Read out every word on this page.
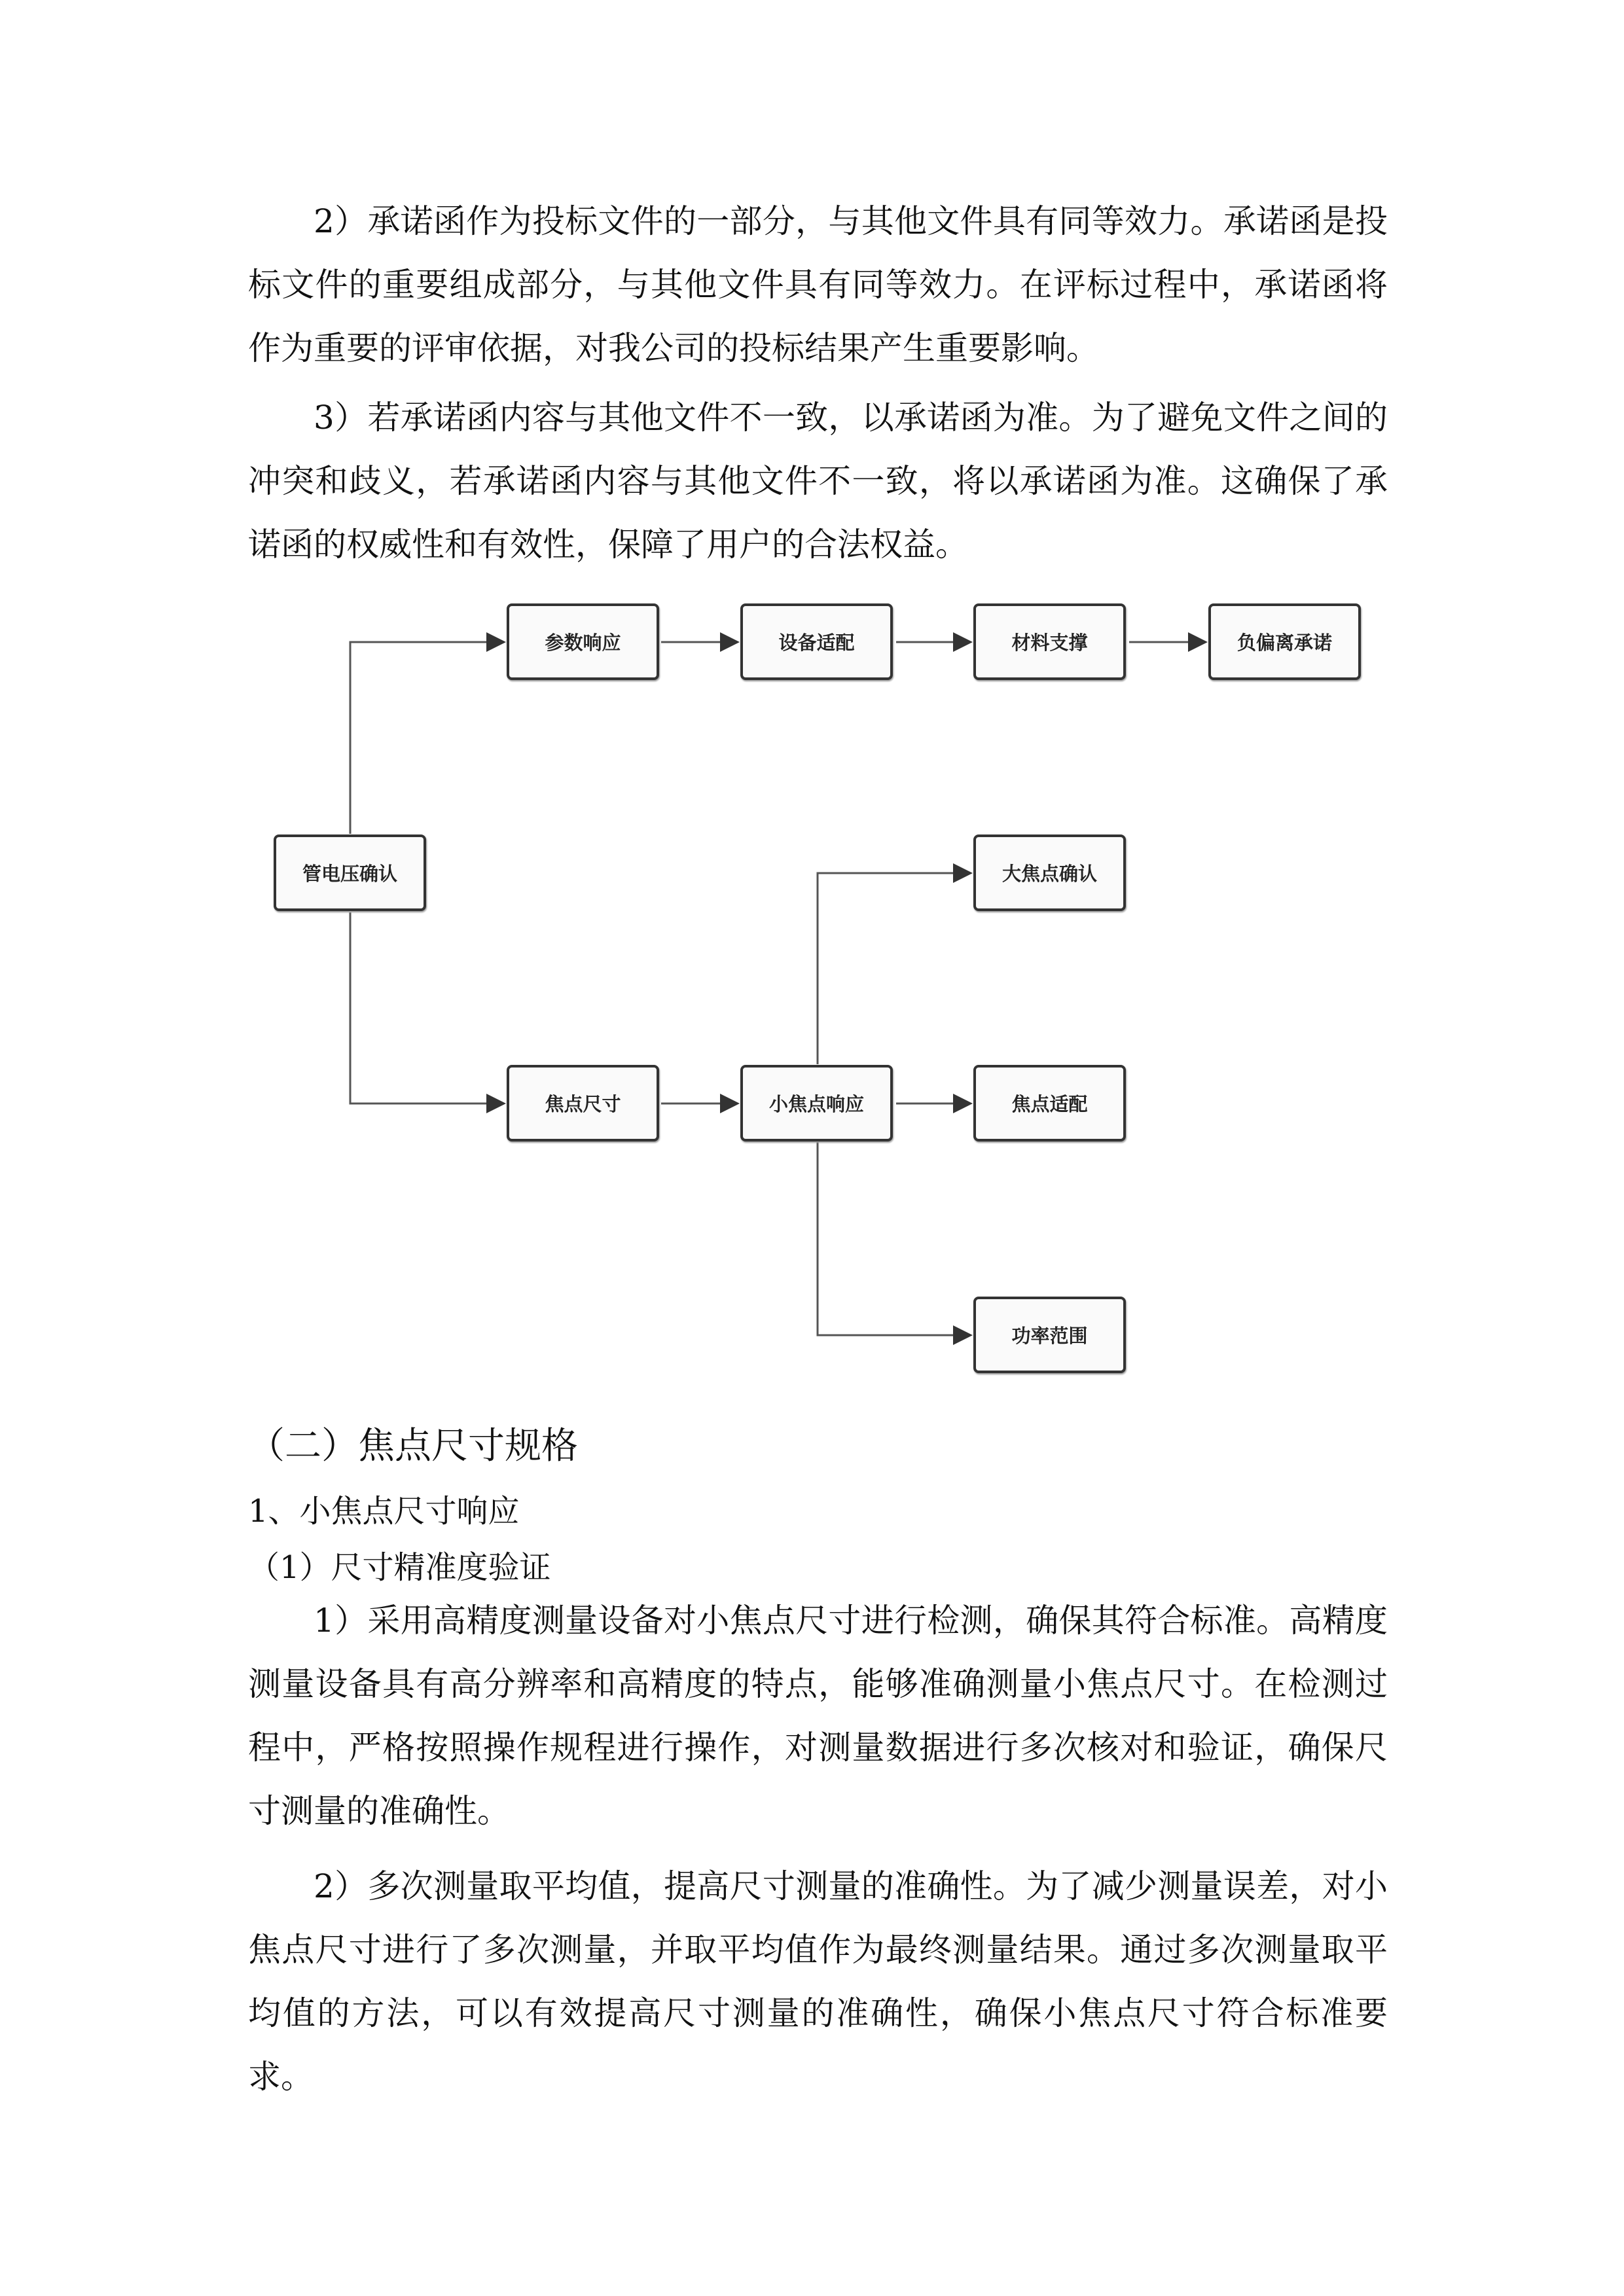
2）承诺函作为投标文件的一部分，与其他文件具有同等效力。承诺函是投
标文件的重要组成部分，与其他文件具有同等效力。在评标过程中，承诺函将
作为重要的评审依据，对我公司的投标结果产生重要影响。
3）若承诺函内容与其他文件不一致，以承诺函为准。为了避免文件之间的
冲突和歧义，若承诺函内容与其他文件不一致，将以承诺函为准。这确保了承
诺函的权威性和有效性，保障了用户的合法权益。
管电压确认
参数响应	设备适配	材料支撑	负偏离承诺
焦点尺寸	小焦点响应
大焦点确认
焦点适配
功率范围
（二）焦点尺寸规格
1、小焦点尺寸响应
（1）尺寸精准度验证
1）采用高精度测量设备对小焦点尺寸进行检测，确保其符合标准。高精度
测量设备具有高分辨率和高精度的特点，能够准确测量小焦点尺寸。在检测过
程中，严格按照操作规程进行操作，对测量数据进行多次核对和验证，确保尺
寸测量的准确性。
2）多次测量取平均值，提高尺寸测量的准确性。为了减少测量误差，对小
焦点尺寸进行了多次测量，并取平均值作为最终测量结果。通过多次测量取平
均值的方法，可以有效提高尺寸测量的准确性，确保小焦点尺寸符合标准要
求。
